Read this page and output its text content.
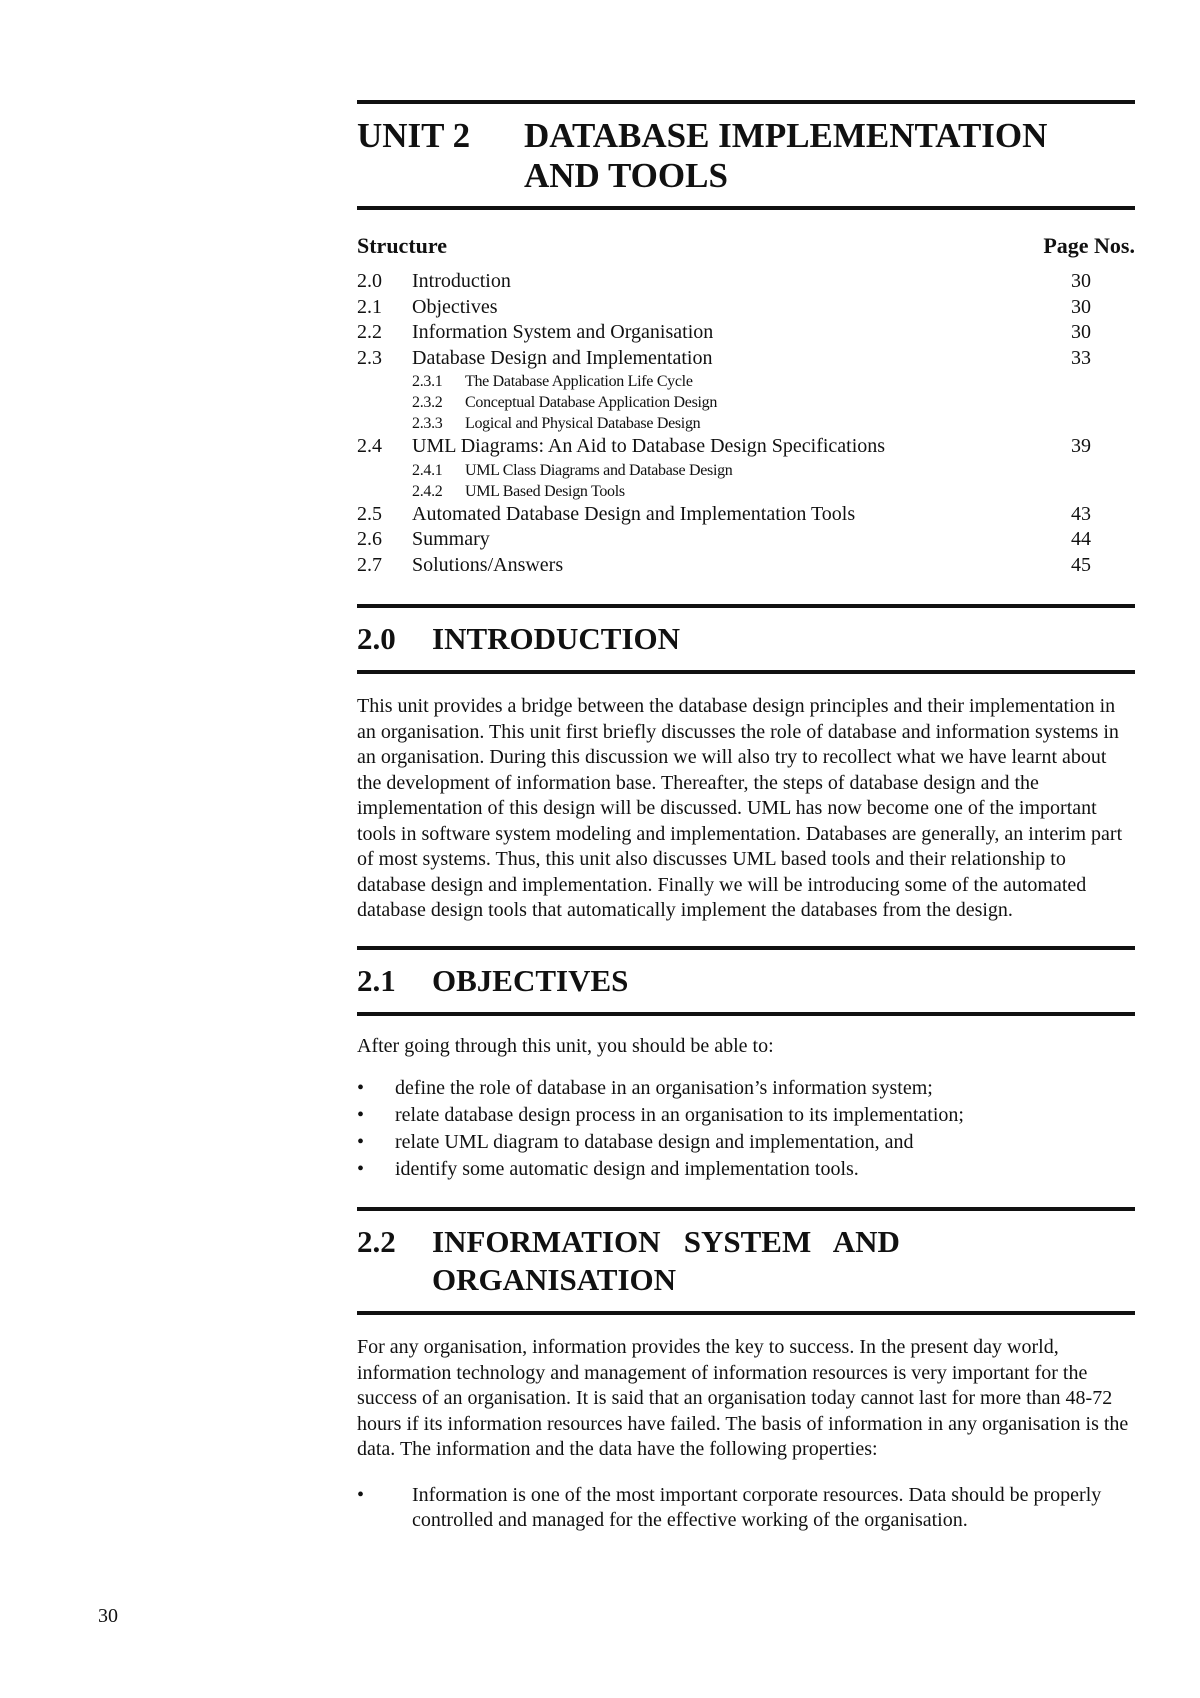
UNIT 2	DATABASE IMPLEMENTATION
AND TOOLS
Structure	Page Nos.
2.0	Introduction	30
2.1	Objectives	30
2.2	Information System and Organisation	30
2.3	Database Design and Implementation	33
2.3.1	The Database Application Life Cycle
2.3.2	Conceptual Database Application Design
2.3.3	Logical and Physical Database Design
2.4	UML Diagrams: An Aid to Database Design Specifications	39
2.4.1	UML Class Diagrams and Database Design
2.4.2	UML Based Design Tools
2.5	Automated Database Design and Implementation Tools	43
2.6	Summary	44
2.7	Solutions/Answers	45
2.0	INTRODUCTION

This unit provides a bridge between the database design principles and their implementation in an organisation. This unit first briefly discusses the role of database and information systems in an organisation. During this discussion we will also try to recollect what we have learnt about the development of information base. Thereafter, the steps of database design and the implementation of this design will be discussed. UML has now become one of the important tools in software system modeling and implementation. Databases are generally, an interim part of most systems. Thus, this unit also discusses UML based tools and their relationship to database design and implementation. Finally we will be introducing some of the automated database design tools that automatically implement the databases from the design.

2.1	OBJECTIVES

After going through this unit, you should be able to:

•	define the role of database in an organisation’s information system;
•	relate database design process in an organisation to its implementation;
•	relate UML diagram to database design and implementation, and
•	identify some automatic design and implementation tools.
2.2	INFORMATION   SYSTEM   AND
ORGANISATION

For any organisation, information provides the key to success. In the present day world, information technology and management of information resources is very important for the success of an organisation. It is said that an organisation today cannot last for more than 48-72 hours if its information resources have failed. The basis of information in any organisation is the data. The information and the data have the following properties:

•	Information is one of the most important corporate resources. Data should be properly controlled and managed for the effective working of the organisation.
30
